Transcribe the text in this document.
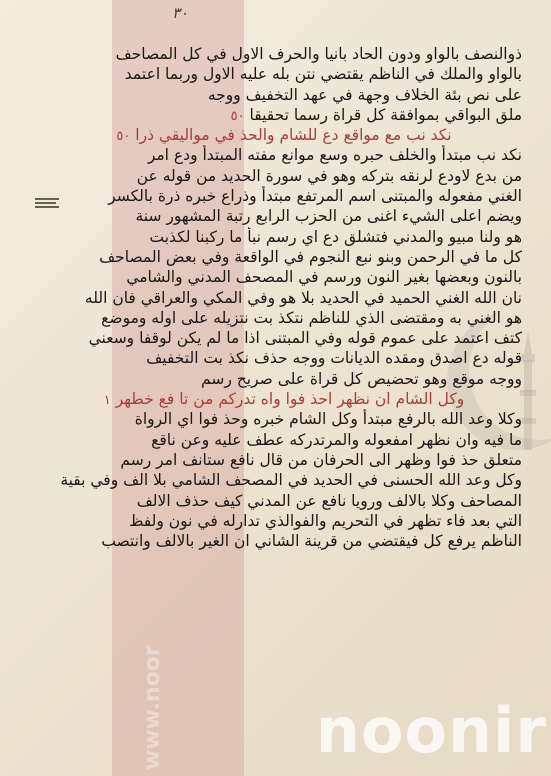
٣٠
ذوالنصف بالواو ودون الحاد بانيا والحرف الاول في كل المصاحف
بالواو والملك في الناظم يقتضي نتن بله عليه الاول وربما اعتمد
على نص بئة الخلاف وجهة في عهد التخفيف ووجه
ملق البواقي بموافقة كل قراة رسما تحقيقا ٥٠
نكد نب مع مواقع دع للشام والحذ في مواليقي ذرا ٥٠
نكد نب مبتدأ والخلف حبره وسع موانع مفته المبتدأ ودع امر
من بدع لاودع لرنقه بتركه وهو في سورة الحديد من قوله عن
الغني مفعوله والمبتنى اسم المرتفع مبتدأ وذراع خبره ذرة بالكسر
ويضم اعلى الشيء اغنى من الحزب الرابع رتبة المشهور سنة
هو ولنا مبيو والمدني فتشلق دع اي رسم نبأ ما ركبنا لكذبت
كل ما في الرحمن وبنو نبع النجوم في الواقعة وفي بعض المصاحف
بالنون وبعضها بغير النون ورسم في المصحف المدني والشامي
نان الله الغني الحميد في الحديد بلا هو وفي المكي والعراقي فان الله
هو الغني به ومقتضى الذي للناظم نتكذ بت نتزيله على اوله وموضع
كتف اعتمد على عموم قوله وفي المبتنى اذا ما لم يكن لوقفا وسعني
قوله دع اصدق ومقده الديانات ووجه حذف نكذ بت التخفيف
ووجه موقع وهو تحضيص كل قراة على صريح رسم
وكل الشام ان نظهر احذ فوا واه تدركم من تا فع خطهر ١
وكلا وعد الله بالرفع مبتدأ وكل الشام خبره وحذ فوا اي الرواة
ما فيه وان نظهر امفعوله والمرتدركه عطف عليه وعن ناقع
متعلق حذ فوا وظهر الى الحرفان من قال نافع ستانف امر رسم
وكل وعد الله الحسنى في الحديد في المصحف الشامي بلا الف وفي بقية
المصاحف وكلا بالالف ورويا نافع عن المدني كيف حذف الالف
التي بعد فاء تظهر في التحريم والفوالذي تدارله في نون ولفظ
الناظم يرفع كل فيقتضي من قرينة الشاني ان الغير بالالف وانتصب
www.noor noonir
